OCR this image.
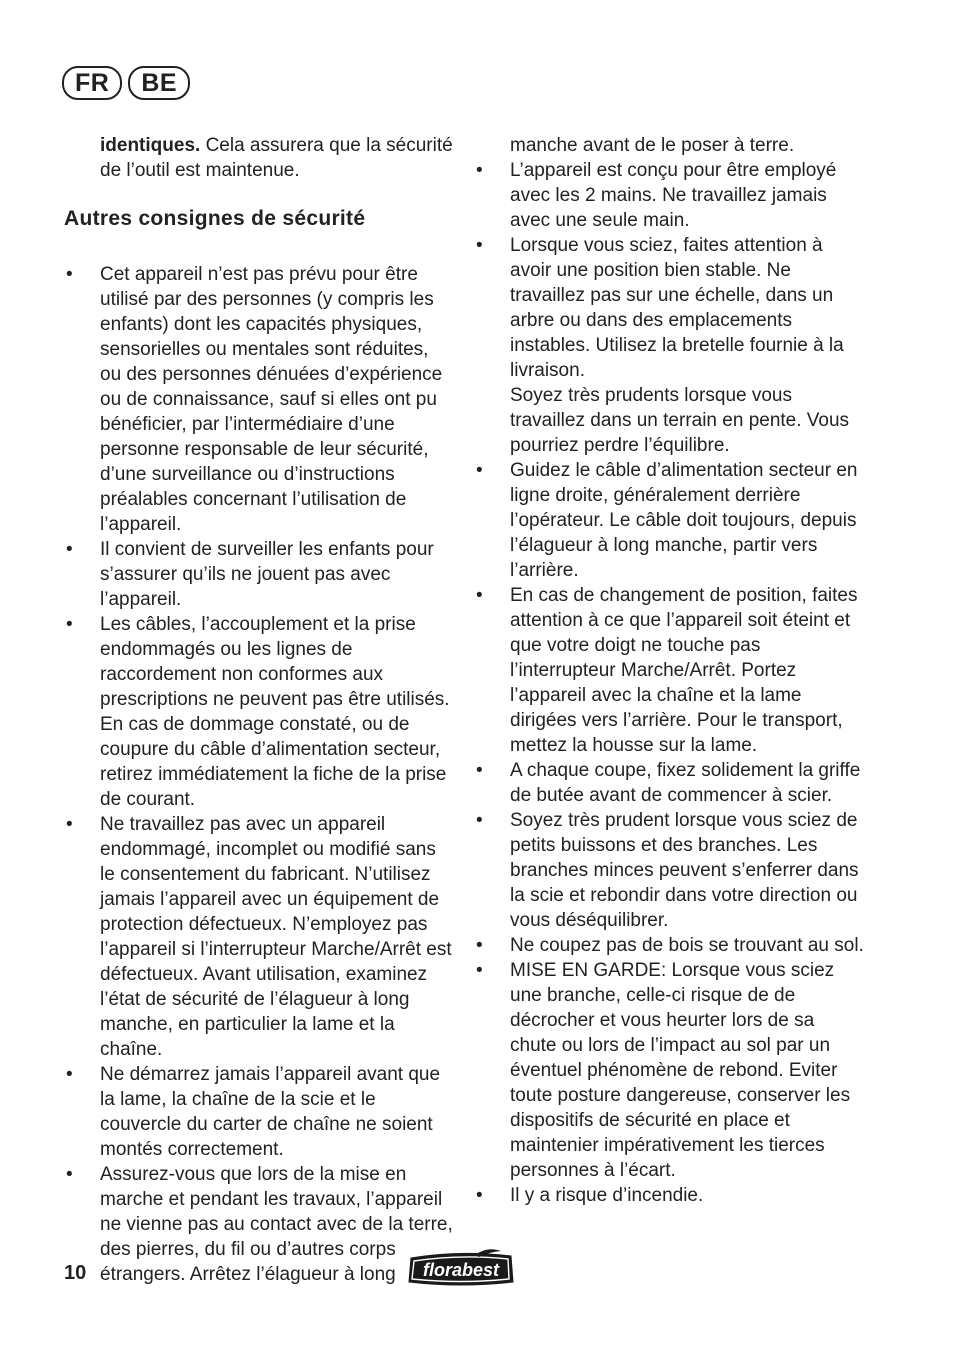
FR	BE

identiques. Cela assurera que la sécurité de l’outil est maintenue.

Autres consignes de sécurité
• Cet appareil n’est pas prévu pour être utilisé par des personnes (y compris les enfants) dont les capacités physiques, sensorielles ou mentales sont réduites, ou des personnes dénuées d’expérience ou de connaissance, sauf si elles ont pu bénéficier, par l’intermédiaire d’une personne responsable de leur sécurité, d’une surveillance ou d’instructions préalables concernant l’utilisation de l’appareil.
• Il convient de surveiller les enfants pour s’assurer qu’ils ne jouent pas avec l’appareil.
• Les câbles, l’accouplement et la prise endommagés ou les lignes de raccordement non conformes aux prescriptions ne peuvent pas être utilisés. En cas de dommage constaté, ou de coupure du câble d’alimentation secteur, retirez immédiatement la fiche de la prise de courant.
• Ne travaillez pas avec un appareil endommagé, incomplet ou modifié sans le consentement du fabricant. N’utilisez jamais l’appareil avec un équipement de protection défectueux. N’employez pas l’appareil si l’interrupteur Marche/Arrêt est défectueux. Avant utilisation, examinez l’état de sécurité de l’élagueur à long manche, en particulier la lame et la chaîne.
• Ne démarrez jamais l’appareil avant que la lame, la chaîne de la scie et le couvercle du carter de chaîne ne soient montés correctement.
• Assurez-vous que lors de la mise en marche et pendant les travaux, l’appareil ne vienne pas au contact avec de la terre, des pierres, du fil ou d’autres corps étrangers. Arrêtez l’élagueur à long

manche avant de le poser à terre.

• L’appareil est conçu pour être employé avec les 2 mains. Ne travaillez jamais avec une seule main.
• Lorsque vous sciez, faites attention à avoir une position bien stable. Ne travaillez pas sur une échelle, dans un arbre ou dans des emplacements instables. Utilisez la bretelle fournie à la livraison.
Soyez très prudents lorsque vous travaillez dans un terrain en pente. Vous pourriez perdre l’équilibre.
• Guidez le câble d’alimentation secteur en ligne droite, généralement derrière l’opérateur. Le câble doit toujours, depuis l’élagueur à long manche, partir vers l’arrière.
• En cas de changement de position, faites attention à ce que l’appareil soit éteint et que votre doigt ne touche pas l’interrupteur Marche/Arrêt. Portez l’appareil avec la chaîne et la lame dirigées vers l’arrière. Pour le transport, mettez la housse sur la lame.
• A chaque coupe, fixez solidement la griffe de butée avant de commencer à scier.
• Soyez très prudent lorsque vous sciez de petits buissons et des branches. Les branches minces peuvent s’enferrer dans la scie et rebondir dans votre direction ou vous déséquilibrer.
• Ne coupez pas de bois se trouvant au sol.
• MISE EN GARDE: Lorsque vous sciez une branche, celle-ci risque de de décrocher et vous heurter lors de sa chute ou lors de l’impact au sol par un éventuel phénomène de rebond. Eviter toute posture dangereuse, conserver les dispositifs de sécurité en place et maintenier impérativement les tierces personnes à l’écart.
• Il y a risque d’incendie.
10	florabest
